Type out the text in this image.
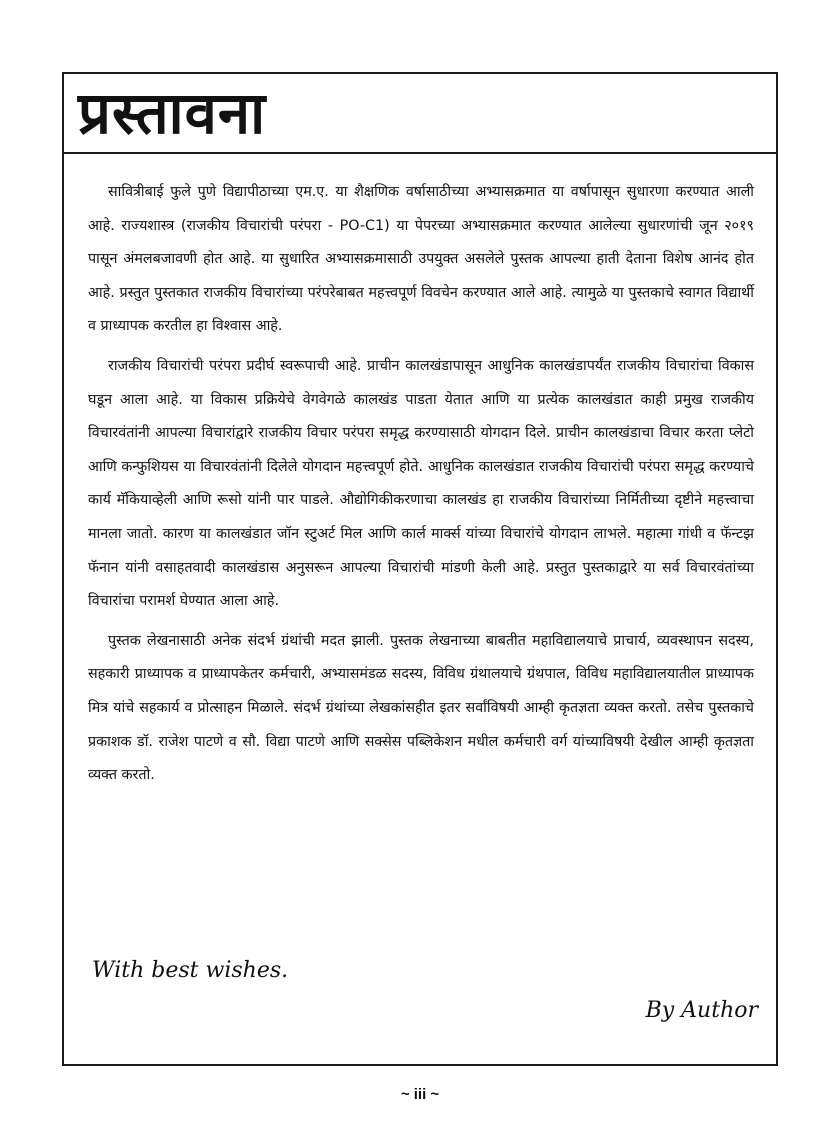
प्रस्तावना

सावित्रीबाई फुले पुणे विद्यापीठाच्या एम.ए. या शैक्षणिक वर्षासाठीच्या अभ्यासक्रमात या वर्षापासून सुधारणा करण्यात आली आहे. राज्यशास्त्र (राजकीय विचारांची परंपरा - PO-C1) या पेपरच्या अभ्यासक्रमात करण्यात आलेल्या सुधारणांची जून २०१९ पासून अंमलबजावणी होत आहे. या सुधारित अभ्यासक्रमासाठी उपयुक्त असलेले पुस्तक आपल्या हाती देताना विशेष आनंद होत आहे. प्रस्तुत पुस्तकात राजकीय विचारांच्या परंपरेबाबत महत्त्वपूर्ण विवचेन करण्यात आले आहे. त्यामुळे या पुस्तकाचे स्वागत विद्यार्थी व प्राध्यापक करतील हा विश्वास आहे.

राजकीय विचारांची परंपरा प्रदीर्घ स्वरूपाची आहे. प्राचीन कालखंडापासून आधुनिक कालखंडापर्यंत राजकीय विचारांचा विकास घडून आला आहे. या विकास प्रक्रियेचे वेगवेगळे कालखंड पाडता येतात आणि या प्रत्येक कालखंडात काही प्रमुख राजकीय विचारवंतांनी आपल्या विचारांद्वारे राजकीय विचार परंपरा समृद्ध करण्यासाठी योगदान दिले. प्राचीन कालखंडाचा विचार करता प्लेटो आणि कन्फुशियस या विचारवंतांनी दिलेले योगदान महत्त्वपूर्ण होते. आधुनिक कालखंडात राजकीय विचारांची परंपरा समृद्ध करण्याचे कार्य मॅकियाव्हेली आणि रूसो यांनी पार पाडले. औद्योगिकीकरणाचा कालखंड हा राजकीय विचारांच्या निर्मितीच्या दृष्टीने महत्त्वाचा मानला जातो. कारण या कालखंडात जॉन स्टुअर्ट मिल आणि कार्ल मार्क्स यांच्या विचारांचे योगदान लाभले. महात्मा गांधी व फॅन्टझ फॅनान यांनी वसाहतवादी कालखंडास अनुसरून आपल्या विचारांची मांडणी केली आहे. प्रस्तुत पुस्तकाद्वारे या सर्व विचारवंतांच्या विचारांचा परामर्श घेण्यात आला आहे.

पुस्तक लेखनासाठी अनेक संदर्भ ग्रंथांची मदत झाली. पुस्तक लेखनाच्या बाबतीत महाविद्यालयाचे प्राचार्य, व्यवस्थापन सदस्य, सहकारी प्राध्यापक व प्राध्यापकेतर कर्मचारी, अभ्यासमंडळ सदस्य, विविध ग्रंथालयाचे ग्रंथपाल, विविध महाविद्यालयातील प्राध्यापक मित्र यांचे सहकार्य व प्रोत्साहन मिळाले. संदर्भ ग्रंथांच्या लेखकांसहीत इतर सर्वांविषयी आम्ही कृतज्ञता व्यक्त करतो. तसेच पुस्तकाचे प्रकाशक डॉ. राजेश पाटणे व सौ. विद्या पाटणे आणि सक्सेस पब्लिकेशन मधील कर्मचारी वर्ग यांच्याविषयी देखील आम्ही कृतज्ञता व्यक्त करतो.

With best wishes.
By Author
~ iii ~
